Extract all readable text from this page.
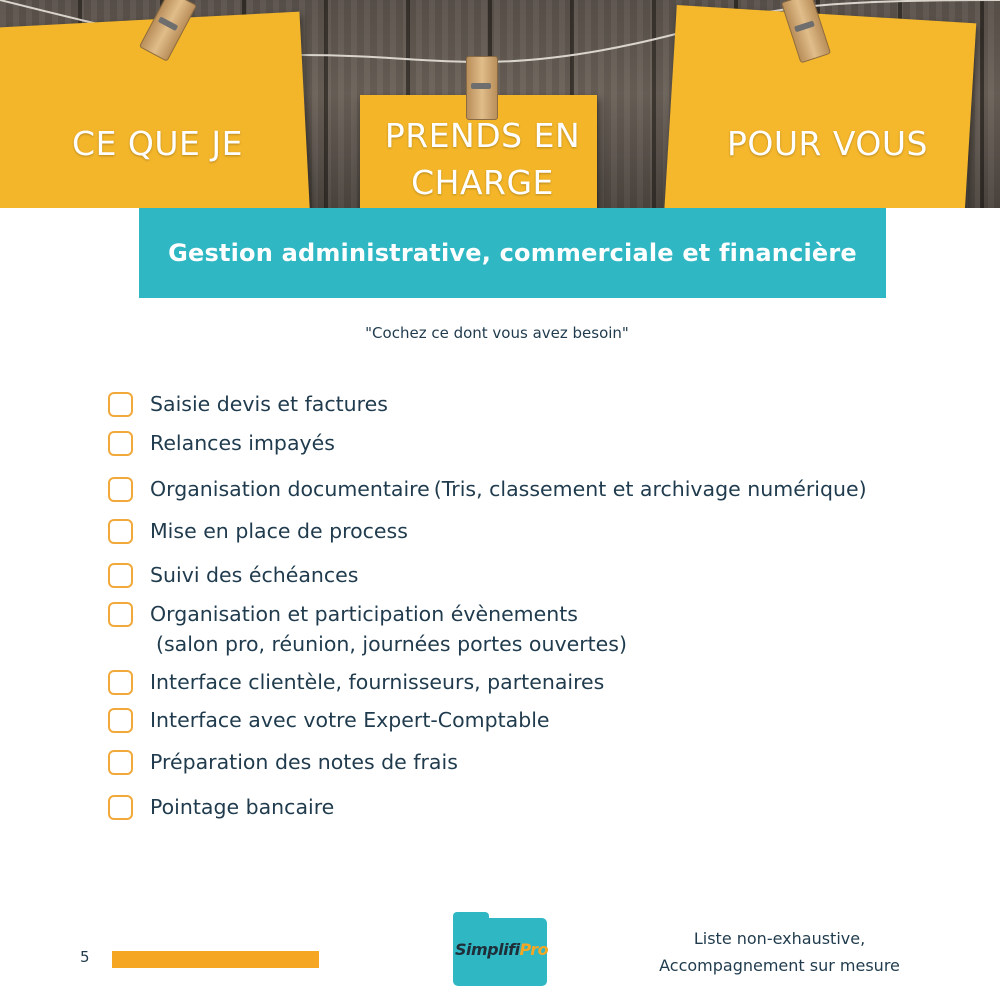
CE QUE JE	PRENDS EN
CHARGE
POUR VOUS
Gestion administrative, commerciale et financière
"Cochez ce dont vous avez besoin"
Saisie devis et factures
Relances impayés
Organisation documentaire (Tris, classement et archivage numérique)
Mise en place de process
Suivi des échéances
Organisation et participation évènements
(salon pro, réunion, journées portes ouvertes)
Interface clientèle, fournisseurs, partenaires
Interface avec votre Expert-Comptable
Préparation des notes de frais
Pointage bancaire
5	SimplifiPro
Liste non-exhaustive,
Accompagnement sur mesure
